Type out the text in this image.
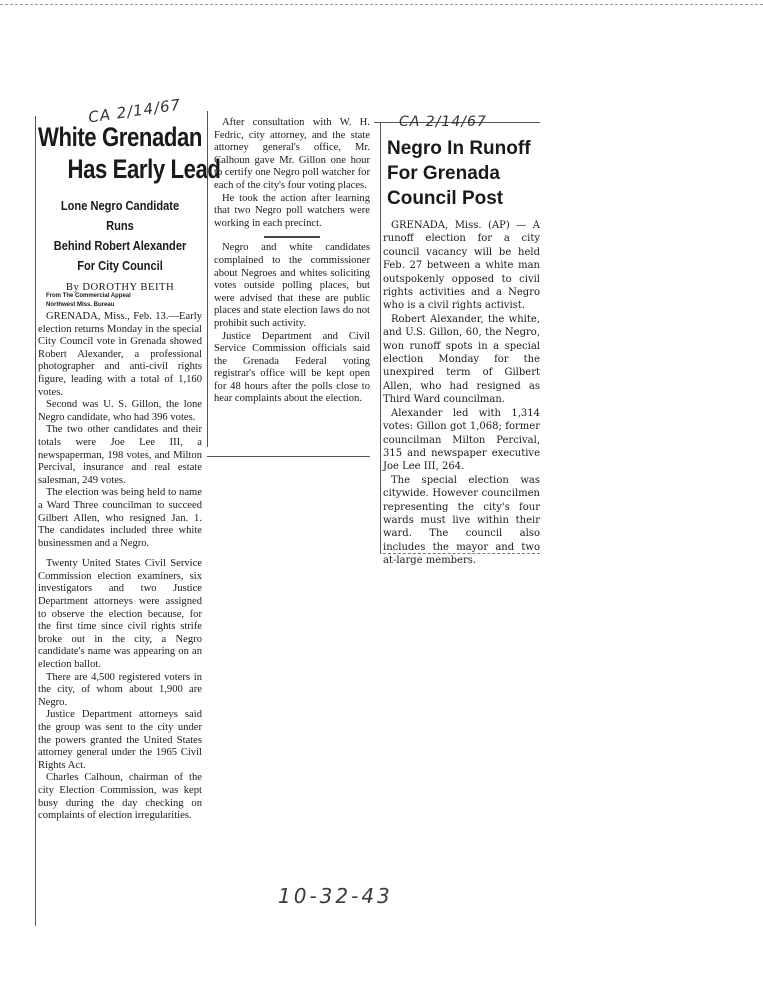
CA 2/14/67
White Grenadan
Has Early Lead
Lone Negro Candidate Runs
Behind Robert Alexander
For City Council
By DOROTHY BEITH
From The Commercial Appeal
Northwest Miss. Bureau

GRENADA, Miss., Feb. 13.—Early election returns Monday in the special City Council vote in Grenada showed Robert Alexander, a professional photographer and anti-civil rights figure, leading with a total of 1,160 votes.

Second was U. S. Gillon, the lone Negro candidate, who had 396 votes.

The two other candidates and their totals were Joe Lee III, a newspaperman, 198 votes, and Milton Percival, insurance and real estate salesman, 249 votes.

The election was being held to name a Ward Three councilman to succeed Gilbert Allen, who resigned Jan. 1. The candidates included three white businessmen and a Negro.

Twenty United States Civil Service Commission election examiners, six investigators and two Justice Department attorneys were assigned to observe the election because, for the first time since civil rights strife broke out in the city, a Negro candidate's name was appearing on an election ballot.

There are 4,500 registered voters in the city, of whom about 1,900 are Negro.

Justice Department attorneys said the group was sent to the city under the powers granted the United States attorney general under the 1965 Civil Rights Act.

Charles Calhoun, chairman of the city Election Commission, was kept busy during the day checking on complaints of election irregularities.

After consultation with W. H. Fedric, city attorney, and the state attorney general's office, Mr. Calhoun gave Mr. Gillon one hour to certify one Negro poll watcher for each of the city's four voting places.

He took the action after learning that two Negro poll watchers were working in each precinct.

Negro and white candidates complained to the commissioner about Negroes and whites soliciting votes outside polling places, but were advised that these are public places and state election laws do not prohibit such activity.

Justice Department and Civil Service Commission officials said the Grenada Federal voting registrar's office will be kept open for 48 hours after the polls close to hear complaints about the election.

CA 2/14/67
Negro In Runoff
For Grenada
Council Post

GRENADA, Miss. (AP) — A runoff election for a city council vacancy will be held Feb. 27 between a white man outspokenly opposed to civil rights activities and a Negro who is a civil rights activist.

Robert Alexander, the white, and U.S. Gillon, 60, the Negro, won runoff spots in a special election Monday for the unexpired term of Gilbert Allen, who had resigned as Third Ward councilman.

Alexander led with 1,314 votes: Gillon got 1,068; former councilman Milton Percival, 315 and newspaper executive Joe Lee III, 264.

The special election was citywide. However councilmen representing the city's four wards must live within their ward. The council also includes the mayor and two at-large members.

10-32-43
